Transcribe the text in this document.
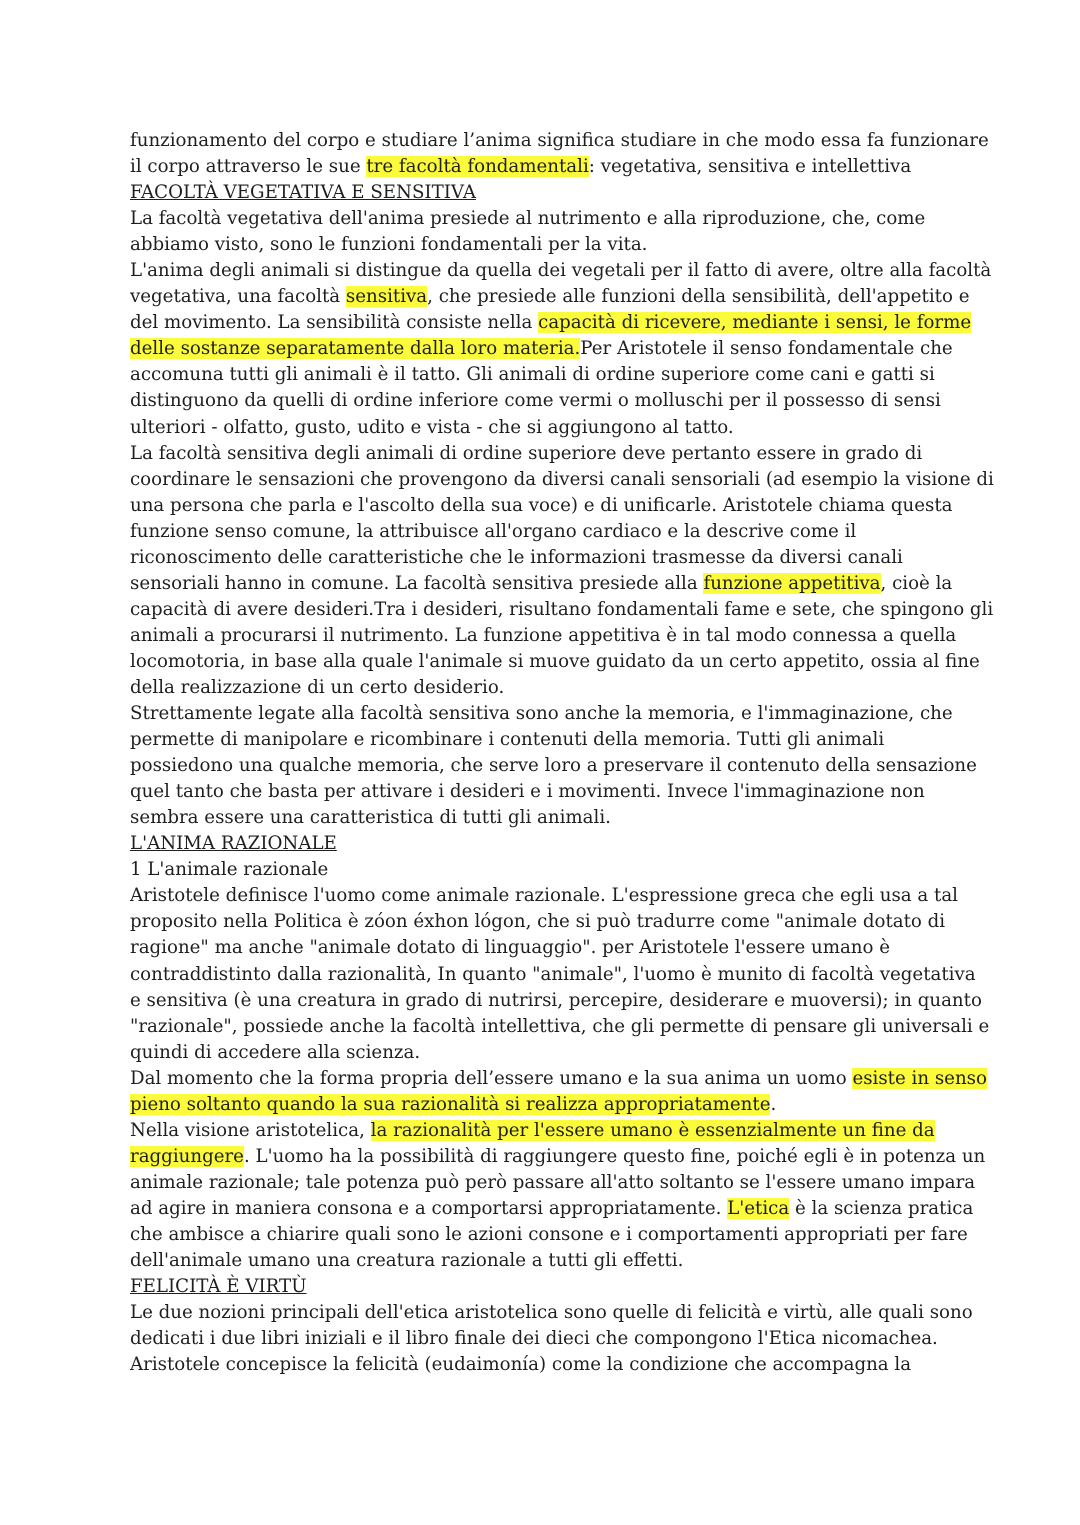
funzionamento del corpo e studiare l’anima significa studiare in che modo essa fa funzionare
il corpo attraverso le sue tre facoltà fondamentali: vegetativa, sensitiva e intellettiva
FACOLTÀ VEGETATIVA E SENSITIVA
La facoltà vegetativa dell'anima presiede al nutrimento e alla riproduzione, che, come
abbiamo visto, sono le funzioni fondamentali per la vita.
L'anima degli animali si distingue da quella dei vegetali per il fatto di avere, oltre alla facoltà
vegetativa, una facoltà sensitiva, che presiede alle funzioni della sensibilità, dell'appetito e
del movimento. La sensibilità consiste nella capacità di ricevere, mediante i sensi, le forme
delle sostanze separatamente dalla loro materia.Per Aristotele il senso fondamentale che
accomuna tutti gli animali è il tatto. Gli animali di ordine superiore come cani e gatti si
distinguono da quelli di ordine inferiore come vermi o molluschi per il possesso di sensi
ulteriori - olfatto, gusto, udito e vista - che si aggiungono al tatto.
La facoltà sensitiva degli animali di ordine superiore deve pertanto essere in grado di
coordinare le sensazioni che provengono da diversi canali sensoriali (ad esempio la visione di
una persona che parla e l'ascolto della sua voce) e di unificarle. Aristotele chiama questa
funzione senso comune, la attribuisce all'organo cardiaco e la descrive come il
riconoscimento delle caratteristiche che le informazioni trasmesse da diversi canali
sensoriali hanno in comune. La facoltà sensitiva presiede alla funzione appetitiva, cioè la
capacità di avere desideri.Tra i desideri, risultano fondamentali fame e sete, che spingono gli
animali a procurarsi il nutrimento. La funzione appetitiva è in tal modo connessa a quella
locomotoria, in base alla quale l'animale si muove guidato da un certo appetito, ossia al fine
della realizzazione di un certo desiderio.
Strettamente legate alla facoltà sensitiva sono anche la memoria, e l'immaginazione, che
permette di manipolare e ricombinare i contenuti della memoria. Tutti gli animali
possiedono una qualche memoria, che serve loro a preservare il contenuto della sensazione
quel tanto che basta per attivare i desideri e i movimenti. Invece l'immaginazione non
sembra essere una caratteristica di tutti gli animali.
L'ANIMA RAZIONALE
1 L'animale razionale
Aristotele definisce l'uomo come animale razionale. L'espressione greca che egli usa a tal
proposito nella Politica è zóon éxhon lógon, che si può tradurre come "animale dotato di
ragione" ma anche "animale dotato di linguaggio". per Aristotele l'essere umano è
contraddistinto dalla razionalità, In quanto "animale", l'uomo è munito di facoltà vegetativa
e sensitiva (è una creatura in grado di nutrirsi, percepire, desiderare e muoversi); in quanto
"razionale", possiede anche la facoltà intellettiva, che gli permette di pensare gli universali e
quindi di accedere alla scienza.
Dal momento che la forma propria dell’essere umano e la sua anima un uomo esiste in senso
pieno soltanto quando la sua razionalità si realizza appropriatamente.
Nella visione aristotelica, la razionalità per l'essere umano è essenzialmente un fine da
raggiungere. L'uomo ha la possibilità di raggiungere questo fine, poiché egli è in potenza un
animale razionale; tale potenza può però passare all'atto soltanto se l'essere umano impara
ad agire in maniera consona e a comportarsi appropriatamente. L'etica è la scienza pratica
che ambisce a chiarire quali sono le azioni consone e i comportamenti appropriati per fare
dell'animale umano una creatura razionale a tutti gli effetti.
FELICITÀ È VIRTÙ
Le due nozioni principali dell'etica aristotelica sono quelle di felicità e virtù, alle quali sono
dedicati i due libri iniziali e il libro finale dei dieci che compongono l'Etica nicomachea.
Aristotele concepisce la felicità (eudaimonía) come la condizione che accompagna la
